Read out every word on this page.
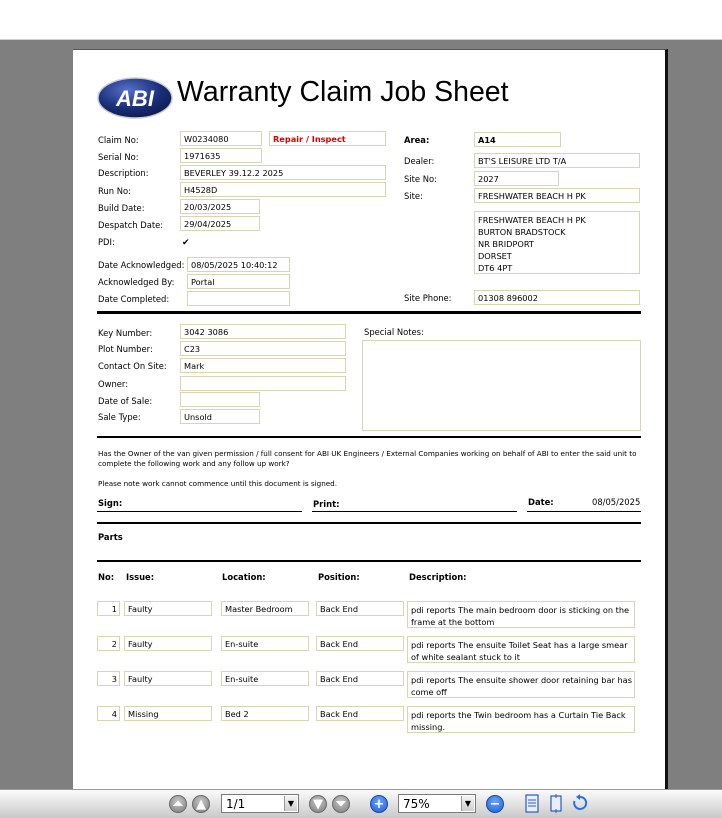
ABI Warranty Claim Job Sheet
Claim No:	W0234080	Repair / Inspect
Serial No:	1971635
Description:	BEVERLEY 39.12.2 2025
Run No:	H4528D
Build Date:	20/03/2025
Despatch Date:	29/04/2025
PDI:	✔
Date Acknowledged: 08/05/2025 10:40:12
Acknowledged By:	Portal
Date Completed:
Area:	A14
Dealer:	BT'S LEISURE LTD T/A
Site No:	2027
Site:	FRESHWATER BEACH H PK
FRESHWATER BEACH H PK
BURTON BRADSTOCK
NR BRIDPORT
DORSET
DT6 4PT
Site Phone:	01308 896002
Key Number:	3042 3086
Plot Number:	C23
Contact On Site:	Mark
Owner:
Date of Sale:
Sale Type:	Unsold
Special Notes:
Has the Owner of the van given permission / full consent for ABI UK Engineers / External Companies working on behalf of ABI to enter the said unit to complete the following work and any follow up work?
Please note work cannot commence until this document is signed.
Sign:	Print:	Date:	08/05/2025
Parts
No: Issue:	Location:	Position:	Description:
1	Faulty	Master Bedroom	Back End	pdi reports The main bedroom door is sticking on the frame at the bottom
2	Faulty	En-suite	Back End	pdi reports The ensuite Toilet Seat has a large smear of white sealant stuck to it
3	Faulty	En-suite	Back End	pdi reports The ensuite shower door retaining bar has come off
4	Missing	Bed 2	Back End	pdi reports the Twin bedroom has a Curtain Tie Back missing.
⏶ ▲	1/1	▼ ▼ ⏷ +	75%	▼ −
